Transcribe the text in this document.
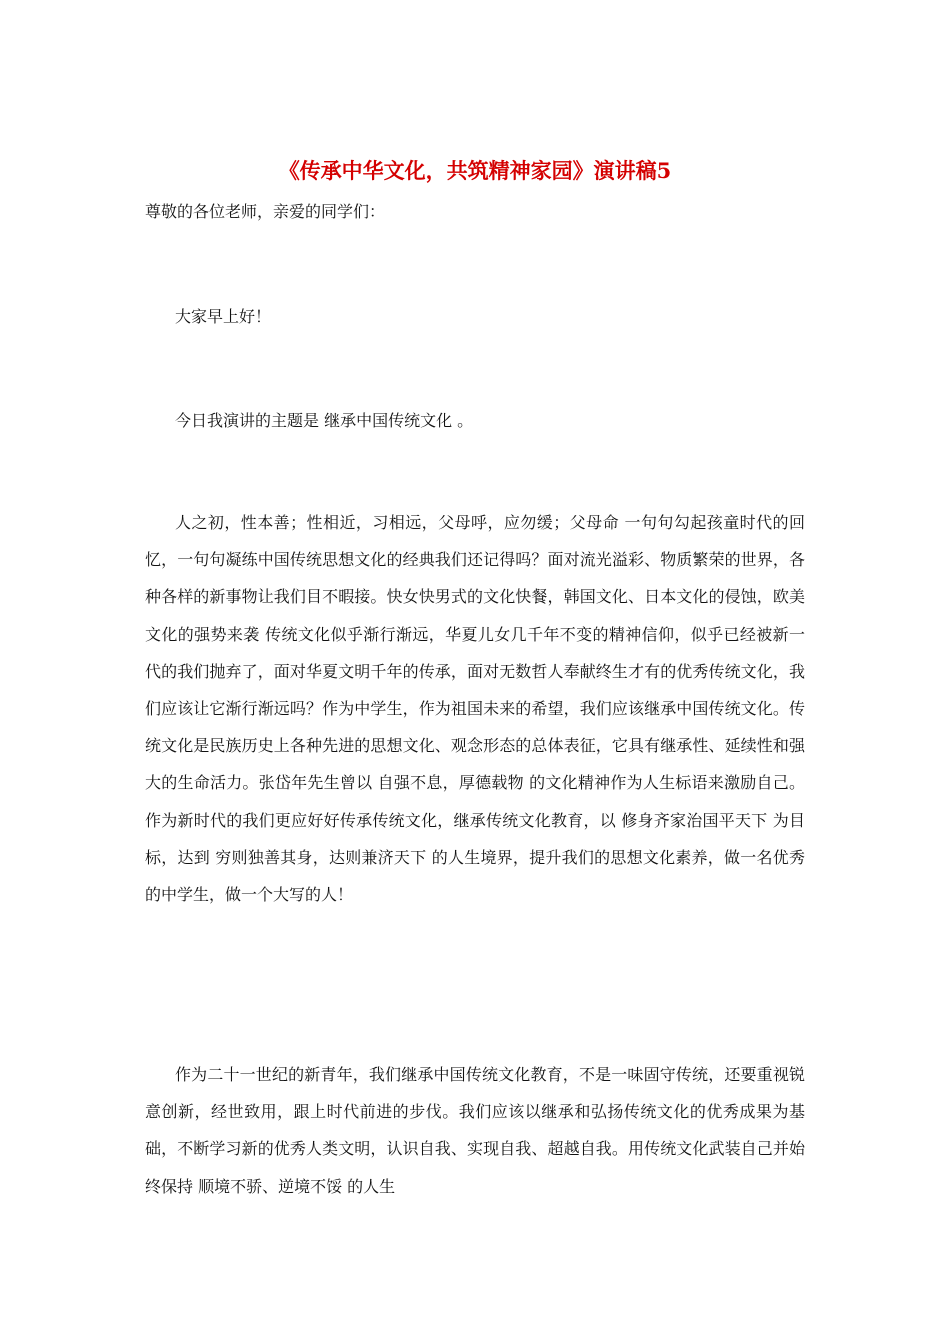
《传承中华文化，共筑精神家园》演讲稿5

尊敬的各位老师，亲爱的同学们：

大家早上好！

今日我演讲的主题是 继承中国传统文化 。

人之初，性本善；性相近，习相远，父母呼，应勿缓；父母命 一句句勾起孩童时代的回忆，一句句凝练中国传统思想文化的经典我们还记得吗？面对流光溢彩、物质繁荣的世界，各种各样的新事物让我们目不暇接。快女快男式的文化快餐，韩国文化、日本文化的侵蚀，欧美文化的强势来袭 传统文化似乎渐行渐远，华夏儿女几千年不变的精神信仰，似乎已经被新一代的我们抛弃了，面对华夏文明千年的传承，面对无数哲人奉献终生才有的优秀传统文化，我们应该让它渐行渐远吗？作为中学生，作为祖国未来的希望，我们应该继承中国传统文化。传统文化是民族历史上各种先进的思想文化、观念形态的总体表征，它具有继承性、延续性和强大的生命活力。张岱年先生曾以 自强不息，厚德载物 的文化精神作为人生标语来激励自己。作为新时代的我们更应好好传承传统文化，继承传统文化教育，以 修身齐家治国平天下 为目标，达到 穷则独善其身，达则兼济天下 的人生境界，提升我们的思想文化素养，做一名优秀的中学生，做一个大写的人！

作为二十一世纪的新青年，我们继承中国传统文化教育，不是一味固守传统，还要重视锐意创新，经世致用，跟上时代前进的步伐。我们应该以继承和弘扬传统文化的优秀成果为基础，不断学习新的优秀人类文明，认识自我、实现自我、超越自我。用传统文化武装自己并始终保持 顺境不骄、逆境不馁 的人生
